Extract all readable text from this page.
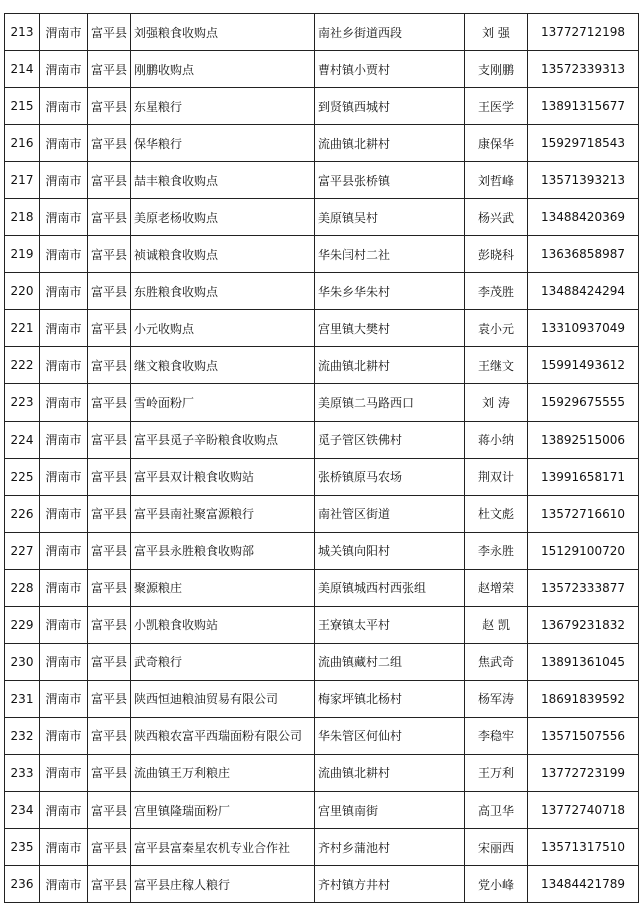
213	渭南市	富平县	刘强粮食收购点	南社乡街道西段	刘 强	13772712198
214	渭南市	富平县	刚鹏收购点	曹村镇小贾村	支刚鹏	13572339313
215	渭南市	富平县	东星粮行	到贤镇西城村	王医学	13891315677
216	渭南市	富平县	保华粮行	流曲镇北耕村	康保华	15929718543
217	渭南市	富平县	喆丰粮食收购点	富平县张桥镇	刘哲峰	13571393213
218	渭南市	富平县	美原老杨收购点	美原镇吴村	杨兴武	13488420369
219	渭南市	富平县	祯诚粮食收购点	华朱闫村二社	彭晓科	13636858987
220	渭南市	富平县	东胜粮食收购点	华朱乡华朱村	李茂胜	13488424294
221	渭南市	富平县	小元收购点	宫里镇大樊村	袁小元	13310937049
222	渭南市	富平县	继文粮食收购点	流曲镇北耕村	王继文	15991493612
223	渭南市	富平县	雪岭面粉厂	美原镇二马路西口	刘 涛	15929675555
224	渭南市	富平县	富平县觅子辛盼粮食收购点	觅子管区铁佛村	蒋小纳	13892515006
225	渭南市	富平县	富平县双计粮食收购站	张桥镇原马农场	荆双计	13991658171
226	渭南市	富平县	富平县南社聚富源粮行	南社管区街道	杜文彪	13572716610
227	渭南市	富平县	富平县永胜粮食收购部	城关镇向阳村	李永胜	15129100720
228	渭南市	富平县	聚源粮庄	美原镇城西村西张组	赵增荣	13572333877
229	渭南市	富平县	小凯粮食收购站	王寮镇太平村	赵 凯	13679231832
230	渭南市	富平县	武奇粮行	流曲镇藏村二组	焦武奇	13891361045
231	渭南市	富平县	陕西恒迪粮油贸易有限公司	梅家坪镇北杨村	杨军涛	18691839592
232	渭南市	富平县	陕西粮农富平西瑞面粉有限公司	华朱管区何仙村	李稳牢	13571507556
233	渭南市	富平县	流曲镇王万利粮庄	流曲镇北耕村	王万利	13772723199
234	渭南市	富平县	宫里镇隆瑞面粉厂	宫里镇南街	高卫华	13772740718
235	渭南市	富平县	富平县富秦星农机专业合作社	齐村乡蒲池村	宋丽西	13571317510
236	渭南市	富平县	富平县庄稼人粮行	齐村镇方井村	党小峰	13484421789
